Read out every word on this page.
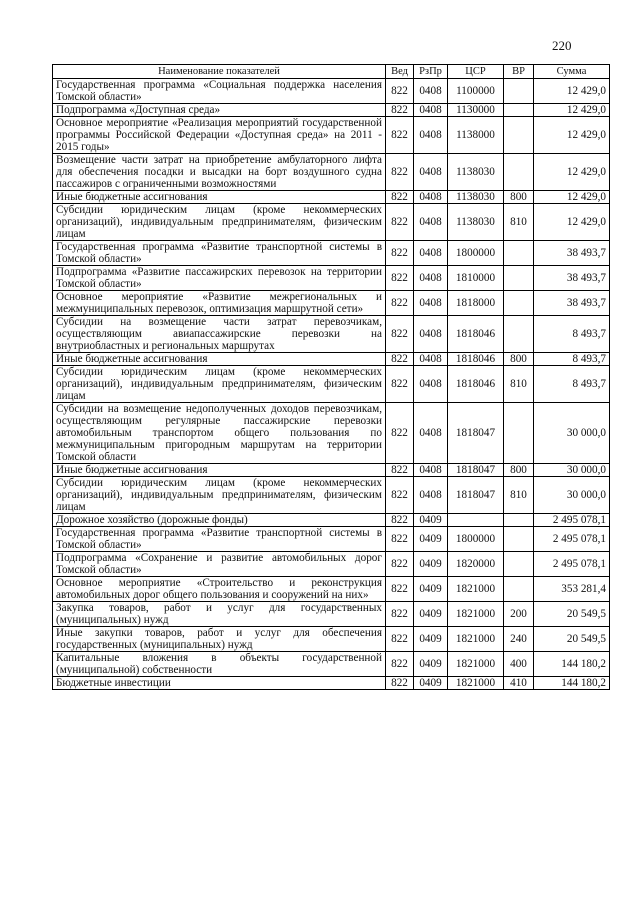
220
Наименование показателей	Вед	РзПр	ЦСР	ВР	Сумма
Государственная программа «Социальная поддержка населения Томской области»	822	0408	1100000		12 429,0
Подпрограмма «Доступная среда»	822	0408	1130000		12 429,0
Основное мероприятие «Реализация мероприятий государственной программы Российской Федерации «Доступная среда» на 2011 - 2015 годы»	822	0408	1138000		12 429,0
Возмещение части затрат на приобретение амбулаторного лифта для обеспечения посадки и высадки на борт воздушного судна пассажиров с ограниченными возможностями	822	0408	1138030		12 429,0
Иные бюджетные ассигнования	822	0408	1138030	800	12 429,0
Субсидии юридическим лицам (кроме некоммерческих организаций), индивидуальным предпринимателям, физическим лицам	822	0408	1138030	810	12 429,0
Государственная программа «Развитие транспортной системы в Томской области»	822	0408	1800000		38 493,7
Подпрограмма «Развитие пассажирских перевозок на территории Томской области»	822	0408	1810000		38 493,7
Основное мероприятие «Развитие межрегиональных и межмуниципальных перевозок, оптимизация маршрутной сети»	822	0408	1818000		38 493,7
Субсидии на возмещение части затрат перевозчикам, осуществляющим авиапассажирские перевозки на внутриобластных и региональных маршрутах	822	0408	1818046		8 493,7
Иные бюджетные ассигнования	822	0408	1818046	800	8 493,7
Субсидии юридическим лицам (кроме некоммерческих организаций), индивидуальным предпринимателям, физическим лицам	822	0408	1818046	810	8 493,7
Субсидии на возмещение недополученных доходов перевозчикам, осуществляющим регулярные пассажирские перевозки автомобильным транспортом общего пользования по межмуниципальным пригородным маршрутам на территории Томской области	822	0408	1818047		30 000,0
Иные бюджетные ассигнования	822	0408	1818047	800	30 000,0
Субсидии юридическим лицам (кроме некоммерческих организаций), индивидуальным предпринимателям, физическим лицам	822	0408	1818047	810	30 000,0
Дорожное хозяйство (дорожные фонды)	822	0409			2 495 078,1
Государственная программа «Развитие транспортной системы в Томской области»	822	0409	1800000		2 495 078,1
Подпрограмма «Сохранение и развитие автомобильных дорог Томской области»	822	0409	1820000		2 495 078,1
Основное мероприятие «Строительство и реконструкция автомобильных дорог общего пользования и сооружений на них»	822	0409	1821000		353 281,4
Закупка товаров, работ и услуг для государственных (муниципальных) нужд	822	0409	1821000	200	20 549,5
Иные закупки товаров, работ и услуг для обеспечения государственных (муниципальных) нужд	822	0409	1821000	240	20 549,5
Капитальные вложения в объекты государственной (муниципальной) собственности	822	0409	1821000	400	144 180,2
Бюджетные инвестиции	822	0409	1821000	410	144 180,2
